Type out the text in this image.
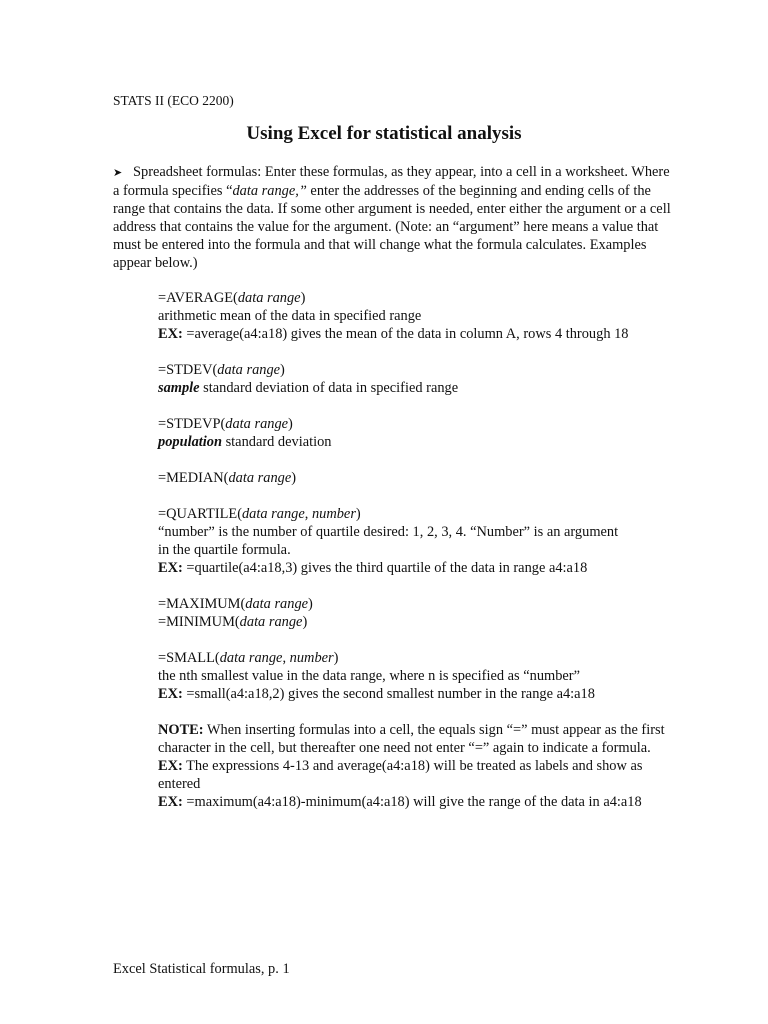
STATS II (ECO 2200)
Using Excel for statistical analysis
➤ Spreadsheet formulas: Enter these formulas, as they appear, into a cell in a worksheet. Where a formula specifies “data range,” enter the addresses of the beginning and ending cells of the range that contains the data. If some other argument is needed, enter either the argument or a cell address that contains the value for the argument. (Note: an “argument” here means a value that must be entered into the formula and that will change what the formula calculates. Examples appear below.)
=AVERAGE(data range)
arithmetic mean of the data in specified range
EX: =average(a4:a18) gives the mean of the data in column A, rows 4 through 18
=STDEV(data range)
sample standard deviation of data in specified range
=STDEVP(data range)
population standard deviation
=MEDIAN(data range)
=QUARTILE(data range, number)
“number” is the number of quartile desired: 1, 2, 3, 4. “Number” is an argument
in the quartile formula.
EX: =quartile(a4:a18,3) gives the third quartile of the data in range a4:a18
=MAXIMUM(data range)
=MINIMUM(data range)
=SMALL(data range, number)
the nth smallest value in the data range, where n is specified as “number”
EX: =small(a4:a18,2) gives the second smallest number in the range a4:a18
NOTE: When inserting formulas into a cell, the equals sign “=” must appear as the first character in the cell, but thereafter one need not enter “=” again to indicate a formula.
EX: The expressions 4-13 and average(a4:a18) will be treated as labels and show as entered
EX: =maximum(a4:a18)-minimum(a4:a18) will give the range of the data in a4:a18
Excel Statistical formulas, p. 1
